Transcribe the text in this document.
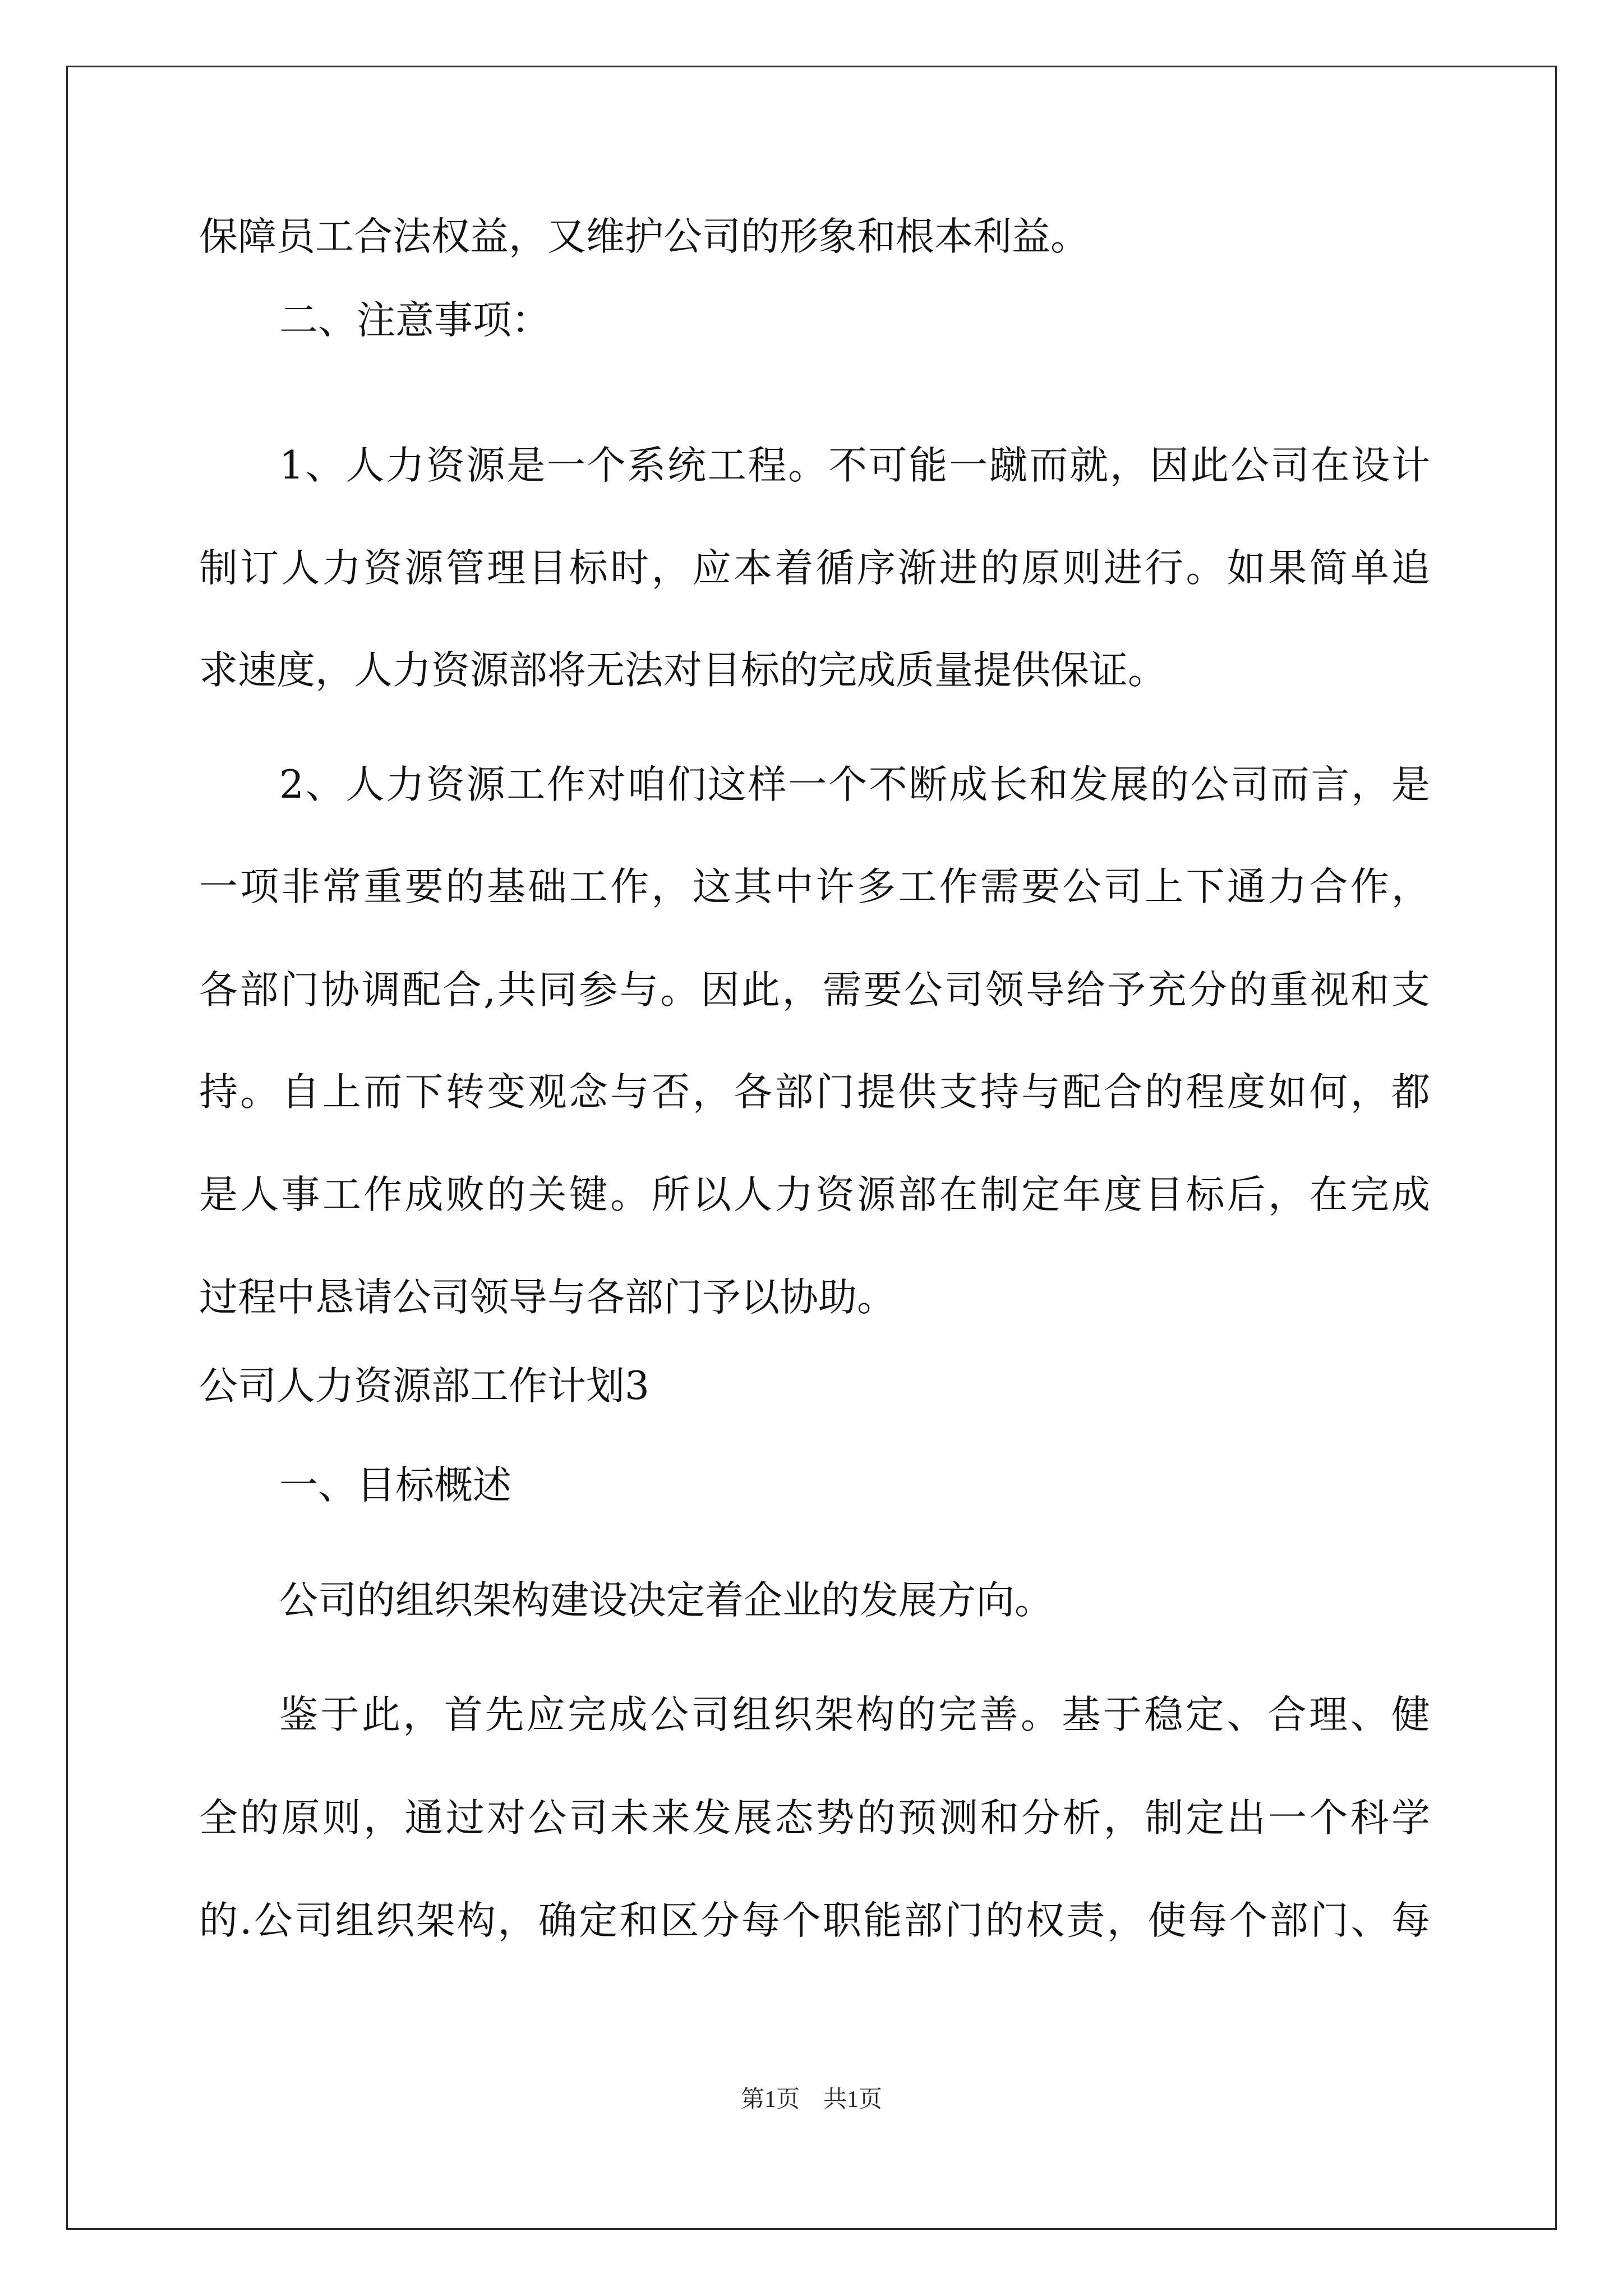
保障员工合法权益，又维护公司的形象和根本利益。
二、注意事项：
1、人力资源是一个系统工程。不可能一蹴而就，因此公司在设计
制订人力资源管理目标时，应本着循序渐进的原则进行。如果简单追
求速度，人力资源部将无法对目标的完成质量提供保证。
2、人力资源工作对咱们这样一个不断成长和发展的公司而言，是
一项非常重要的基础工作，这其中许多工作需要公司上下通力合作，
各部门协调配合,共同参与。因此，需要公司领导给予充分的重视和支
持。自上而下转变观念与否，各部门提供支持与配合的程度如何，都
是人事工作成败的关键。所以人力资源部在制定年度目标后，在完成
过程中恳请公司领导与各部门予以协助。
公司人力资源部工作计划3
一、目标概述
公司的组织架构建设决定着企业的发展方向。
鉴于此，首先应完成公司组织架构的完善。基于稳定、合理、健
全的原则，通过对公司未来发展态势的预测和分析，制定出一个科学
的.公司组织架构，确定和区分每个职能部门的权责，使每个部门、每
第1页　共1页
